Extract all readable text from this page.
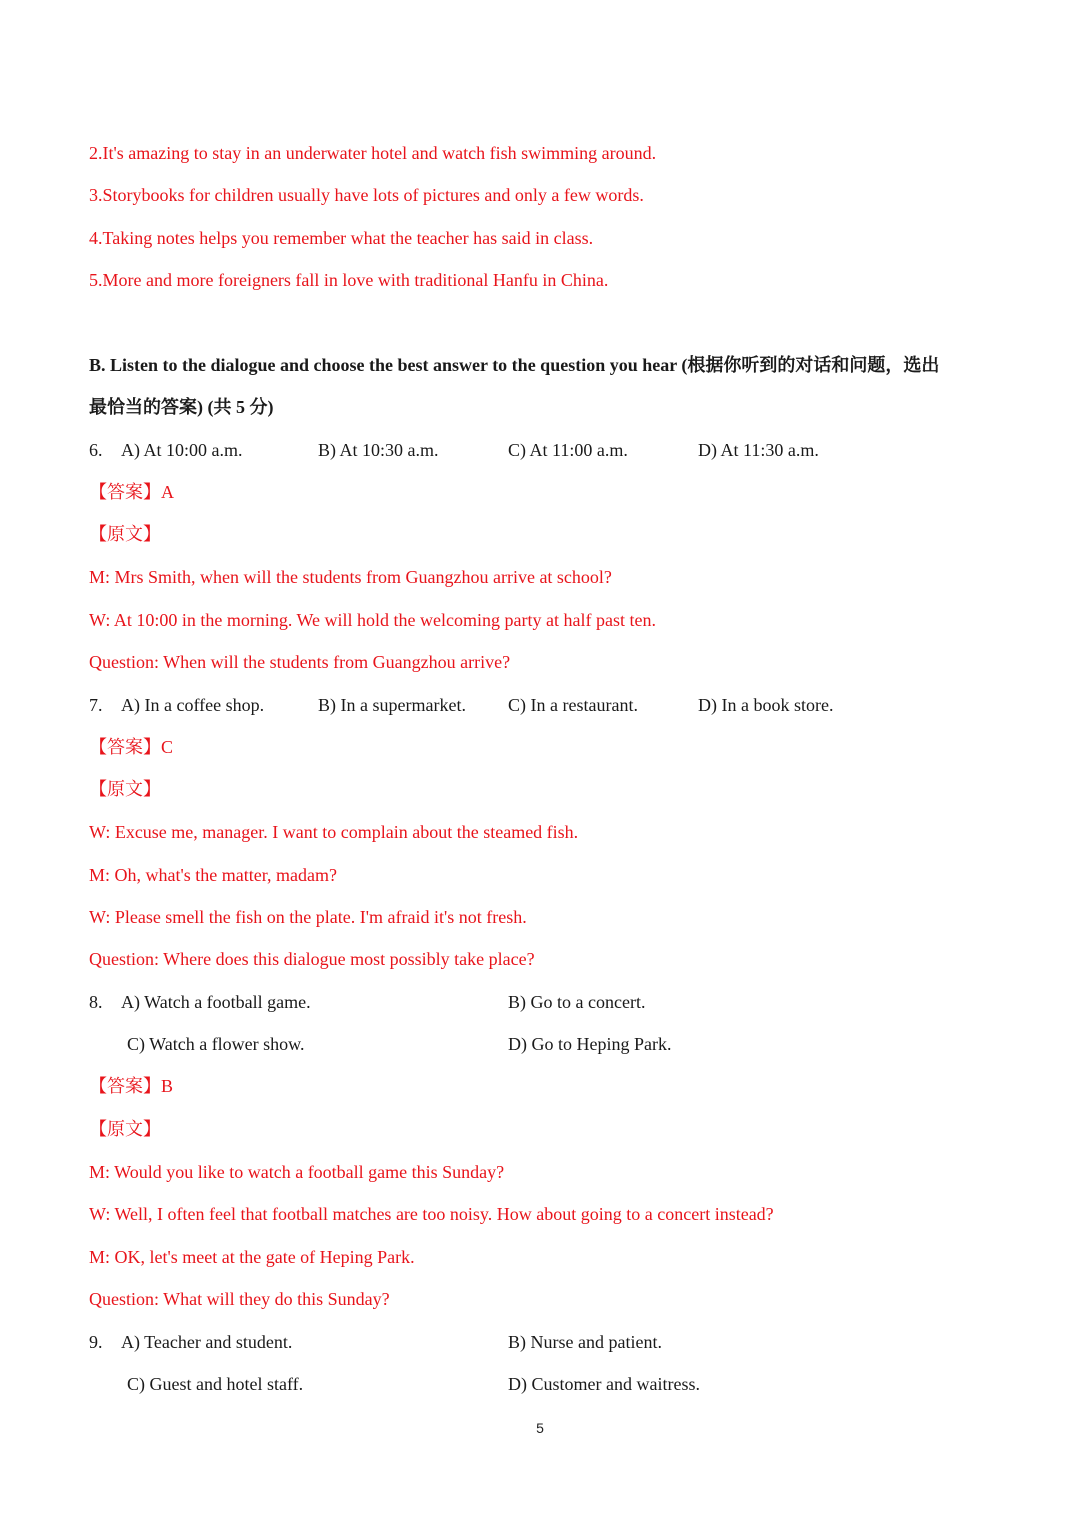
2.It's amazing to stay in an underwater hotel and watch fish swimming around.
3.Storybooks for children usually have lots of pictures and only a few words.
4.Taking notes helps you remember what the teacher has said in class.
5.More and more foreigners fall in love with traditional Hanfu in China.
B. Listen to the dialogue and choose the best answer to the question you hear (根据你听到的对话和问题，选出
最恰当的答案) (共 5 分)
6. A) At 10:00 a.m.	B) At 10:30 a.m.	C) At 11:00 a.m.	D) At 11:30 a.m.
【答案】A
【原文】
M: Mrs Smith, when will the students from Guangzhou arrive at school?
W: At 10:00 in the morning. We will hold the welcoming party at half past ten.
Question: When will the students from Guangzhou arrive?
7. A) In a coffee shop.	B) In a supermarket. C) In a restaurant.	D) In a book store.
【答案】C
【原文】
W: Excuse me, manager. I want to complain about the steamed fish.
M: Oh, what's the matter, madam?
W: Please smell the fish on the plate. I'm afraid it's not fresh.
Question: Where does this dialogue most possibly take place?
8. A) Watch a football game.	B) Go to a concert.
C) Watch a flower show.	D) Go to Heping Park.
【答案】B
【原文】
M: Would you like to watch a football game this Sunday?
W: Well, I often feel that football matches are too noisy. How about going to a concert instead?
M: OK, let's meet at the gate of Heping Park.
Question: What will they do this Sunday?
9. A) Teacher and student.	B) Nurse and patient.
C) Guest and hotel staff.	D) Customer and waitress.
5
